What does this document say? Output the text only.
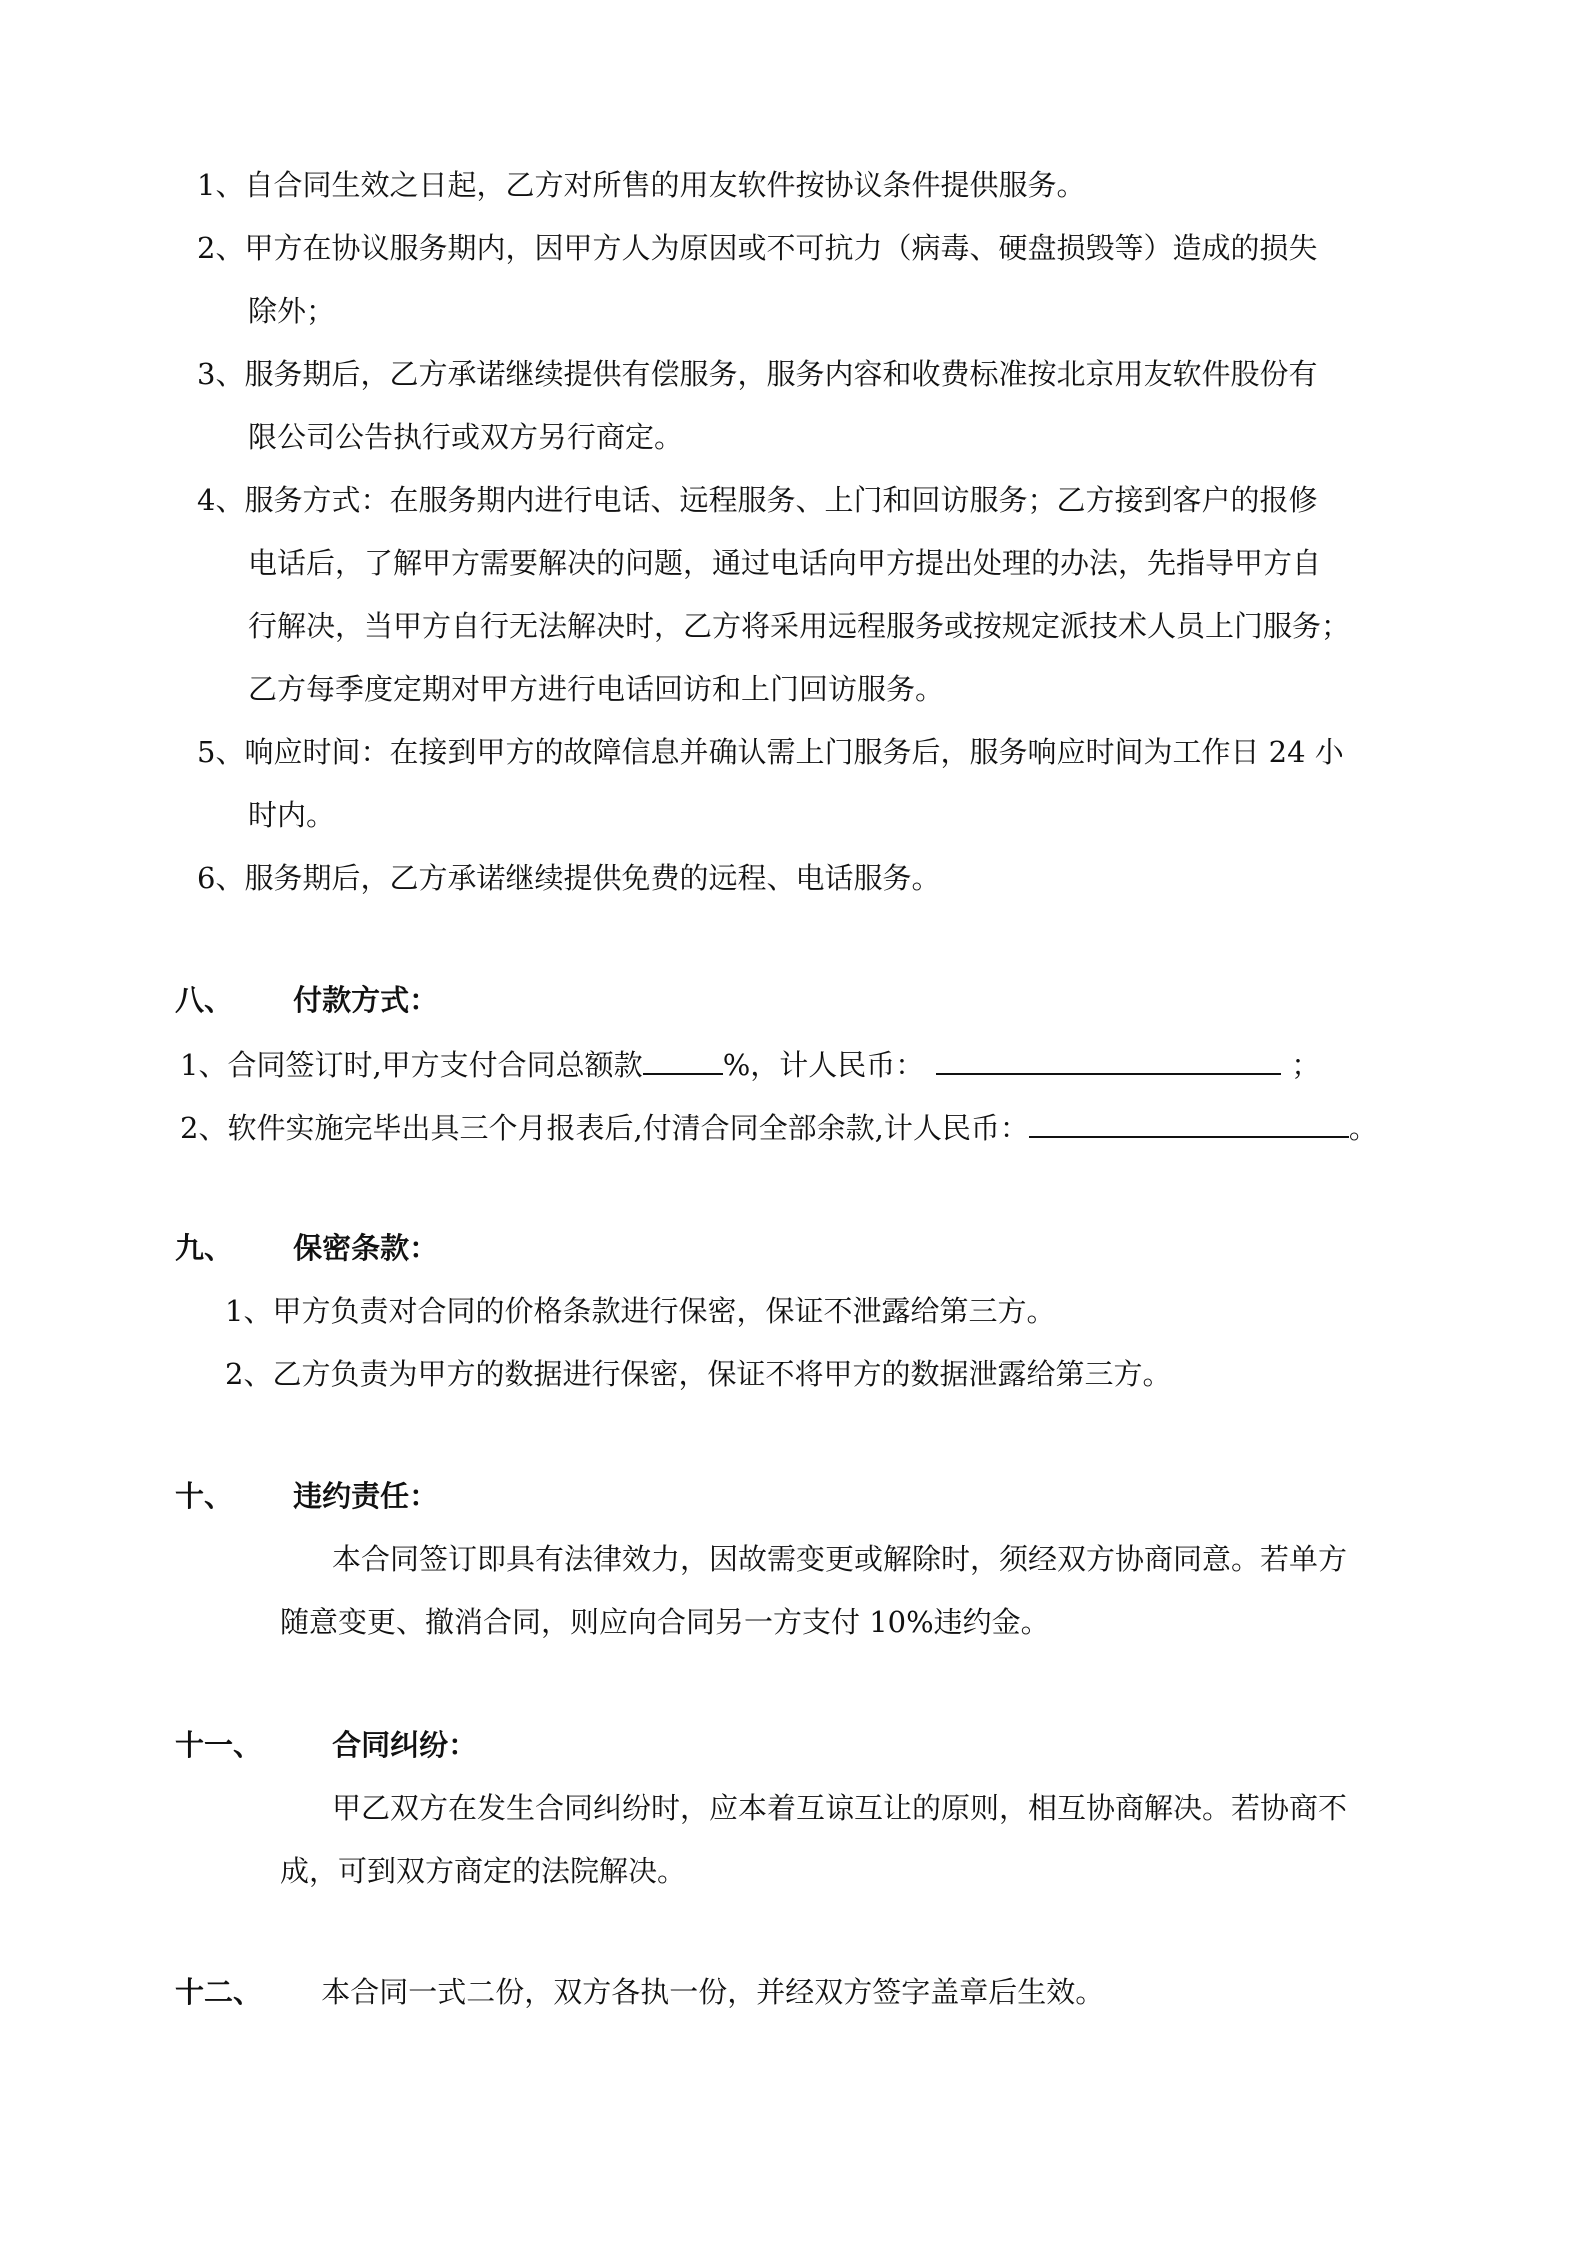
1、自合同生效之日起，乙方对所售的用友软件按协议条件提供服务。
2、甲方在协议服务期内，因甲方人为原因或不可抗力（病毒、硬盘损毁等）造成的损失
除外；
3、服务期后，乙方承诺继续提供有偿服务，服务内容和收费标准按北京用友软件股份有
限公司公告执行或双方另行商定。
4、服务方式：在服务期内进行电话、远程服务、上门和回访服务；乙方接到客户的报修
电话后，了解甲方需要解决的问题，通过电话向甲方提出处理的办法，先指导甲方自
行解决，当甲方自行无法解决时，乙方将采用远程服务或按规定派技术人员上门服务；
乙方每季度定期对甲方进行电话回访和上门回访服务。
5、响应时间：在接到甲方的故障信息并确认需上门服务后，服务响应时间为工作日 24 小
时内。
6、服务期后，乙方承诺继续提供免费的远程、电话服务。
八、 付款方式：
1、合同签订时,甲方支付合同总额款	%，计人民币：	；
2、软件实施完毕出具三个月报表后,付清合同全部余款,计人民币：	。
九、 保密条款：
1、甲方负责对合同的价格条款进行保密，保证不泄露给第三方。
2、乙方负责为甲方的数据进行保密，保证不将甲方的数据泄露给第三方。
十、 违约责任：
本合同签订即具有法律效力，因故需变更或解除时，须经双方协商同意。若单方
随意变更、撤消合同，则应向合同另一方支付 10%违约金。
十一、 合同纠纷：
甲乙双方在发生合同纠纷时，应本着互谅互让的原则，相互协商解决。若协商不
成，可到双方商定的法院解决。
十二、 本合同一式二份，双方各执一份，并经双方签字盖章后生效。
